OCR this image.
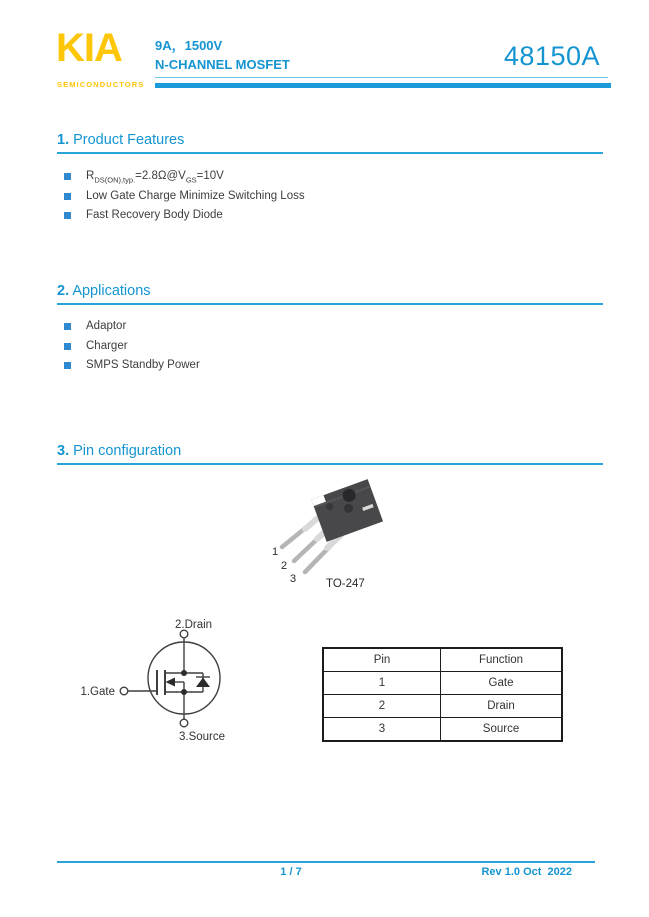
KIA
SEMICONDUCTORS
9A，1500V
N-CHANNEL MOSFET	48150A
1. Product Features
$R_{DS(ON),typ.}=2.8\Omega@V_{GS}=10V$
Low Gate Charge Minimize Switching Loss
Fast Recovery Body Diode
2. Applications
Adaptor
Charger
SMPS Standby Power
3. Pin configuration
1
2
3	TO-247
2.Drain
1.Gate
3.Source
Pin	Function
1	Gate
2	Drain
3	Source
1 / 7	Rev 1.0 Oct  2022
